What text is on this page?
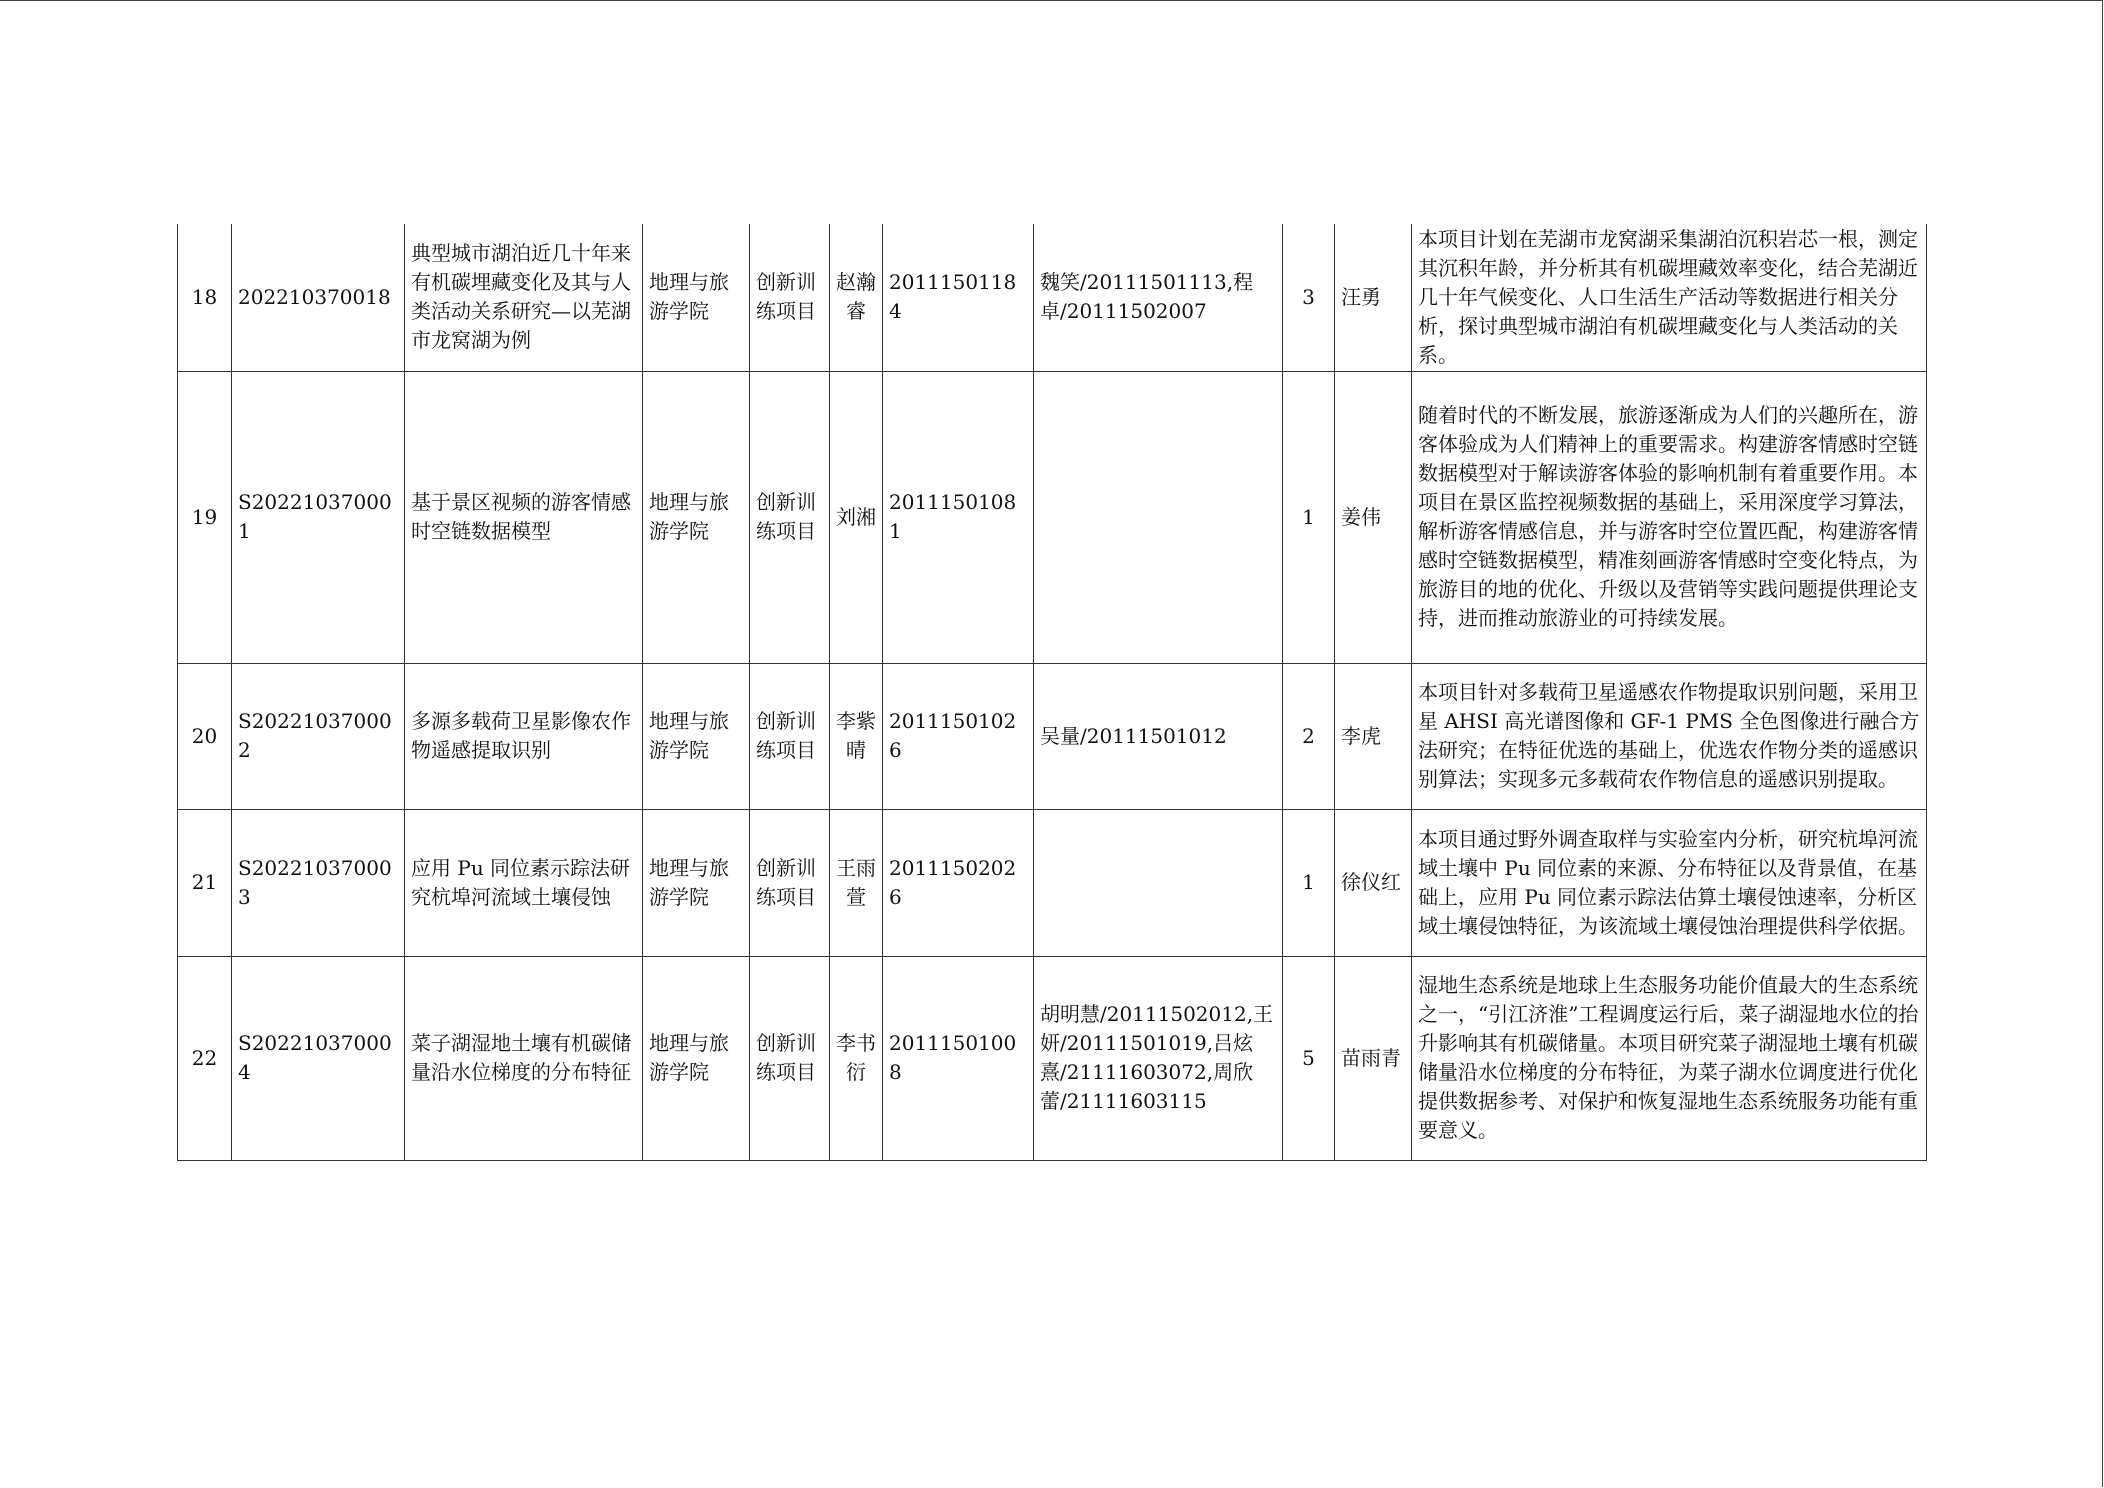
18	202210370018	典型城市湖泊近几十年来有机碳埋藏变化及其与人类活动关系研究—以芜湖市龙窝湖为例	地理与旅游学院	创新训练项目	赵瀚睿	20111501184	魏笑/20111501113,程卓/20111502007	3	汪勇	本项目计划在芜湖市龙窝湖采集湖泊沉积岩芯一根，测定其沉积年龄，并分析其有机碳埋藏效率变化，结合芜湖近几十年气候变化、人口生活生产活动等数据进行相关分析，探讨典型城市湖泊有机碳埋藏变化与人类活动的关系。
19	S202210370001	基于景区视频的游客情感时空链数据模型	地理与旅游学院	创新训练项目	刘湘	20111501081		1	姜伟	随着时代的不断发展，旅游逐渐成为人们的兴趣所在，游客体验成为人们精神上的重要需求。构建游客情感时空链数据模型对于解读游客体验的影响机制有着重要作用。本项目在景区监控视频数据的基础上，采用深度学习算法，解析游客情感信息，并与游客时空位置匹配，构建游客情感时空链数据模型，精准刻画游客情感时空变化特点，为旅游目的地的优化、升级以及营销等实践问题提供理论支持，进而推动旅游业的可持续发展。
20	S202210370002	多源多载荷卫星影像农作物遥感提取识别	地理与旅游学院	创新训练项目	李紫晴	20111501026	吴量/20111501012	2	李虎	本项目针对多载荷卫星遥感农作物提取识别问题，采用卫星 AHSI 高光谱图像和 GF-1 PMS 全色图像进行融合方法研究；在特征优选的基础上，优选农作物分类的遥感识别算法；实现多元多载荷农作物信息的遥感识别提取。
21	S202210370003	应用 Pu 同位素示踪法研究杭埠河流域土壤侵蚀	地理与旅游学院	创新训练项目	王雨萱	20111502026		1	徐仪红	本项目通过野外调查取样与实验室内分析，研究杭埠河流域土壤中 Pu 同位素的来源、分布特征以及背景值，在基础上，应用 Pu 同位素示踪法估算土壤侵蚀速率，分析区域土壤侵蚀特征，为该流域土壤侵蚀治理提供科学依据。
22	S202210370004	菜子湖湿地土壤有机碳储量沿水位梯度的分布特征	地理与旅游学院	创新训练项目	李书衍	20111501008	胡明慧/20111502012,王妍/20111501019,吕炫熹/21111603072,周欣蕾/21111603115	5	苗雨青	湿地生态系统是地球上生态服务功能价值最大的生态系统之一，“引江济淮”工程调度运行后，菜子湖湿地水位的抬升影响其有机碳储量。本项目研究菜子湖湿地土壤有机碳储量沿水位梯度的分布特征，为菜子湖水位调度进行优化提供数据参考、对保护和恢复湿地生态系统服务功能有重要意义。
